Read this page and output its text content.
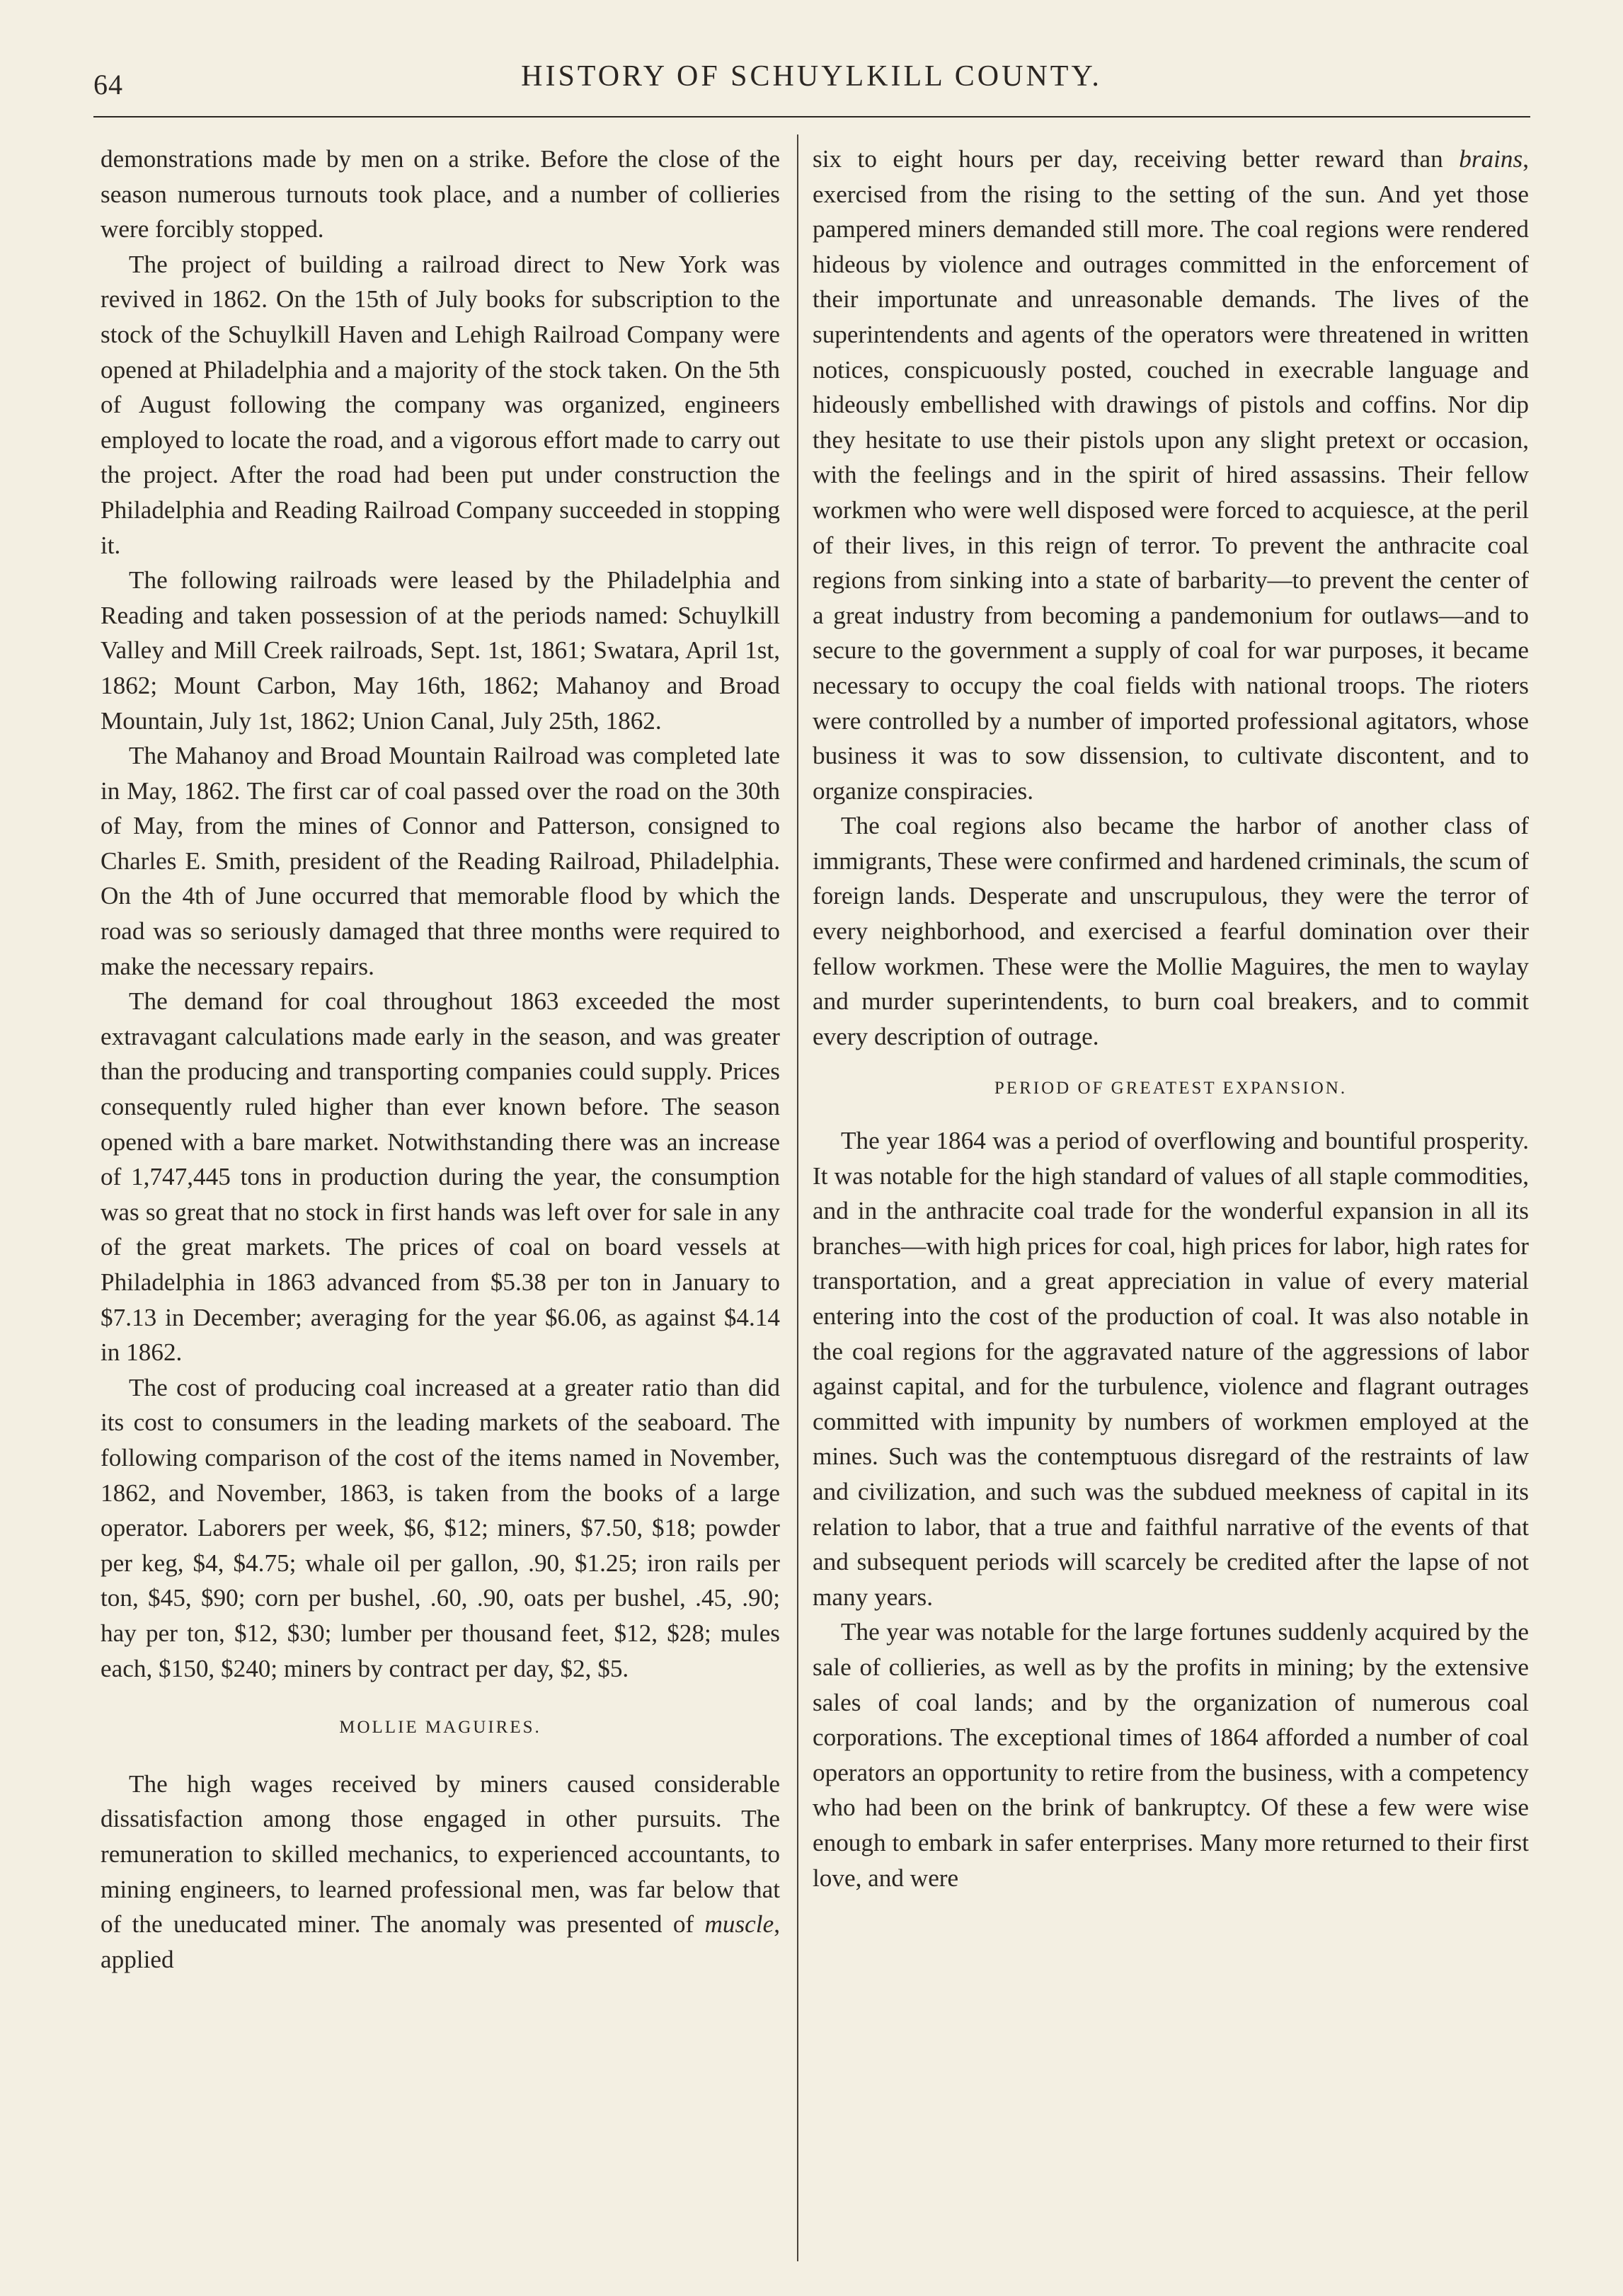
64	HISTORY OF SCHUYLKILL COUNTY.

demonstrations made by men on a strike. Before the close of the season numerous turnouts took place, and a number of collieries were forcibly stopped.

The project of building a railroad direct to New York was revived in 1862. On the 15th of July books for subscription to the stock of the Schuylkill Haven and Lehigh Railroad Company were opened at Philadelphia and a majority of the stock taken. On the 5th of August following the company was organized, engineers employed to locate the road, and a vigorous effort made to carry out the project. After the road had been put under construction the Philadelphia and Reading Railroad Company succeeded in stopping it.

The following railroads were leased by the Philadelphia and Reading and taken possession of at the periods named: Schuylkill Valley and Mill Creek railroads, Sept. 1st, 1861; Swatara, April 1st, 1862; Mount Carbon, May 16th, 1862; Mahanoy and Broad Mountain, July 1st, 1862; Union Canal, July 25th, 1862.

The Mahanoy and Broad Mountain Railroad was completed late in May, 1862. The first car of coal passed over the road on the 30th of May, from the mines of Connor and Patterson, consigned to Charles E. Smith, president of the Reading Railroad, Philadelphia. On the 4th of June occurred that memorable flood by which the road was so seriously damaged that three months were required to make the necessary repairs.

The demand for coal throughout 1863 exceeded the most extravagant calculations made early in the season, and was greater than the producing and transporting companies could supply. Prices consequently ruled higher than ever known before. The season opened with a bare market. Notwithstanding there was an increase of 1,747,445 tons in production during the year, the consumption was so great that no stock in first hands was left over for sale in any of the great markets. The prices of coal on board vessels at Philadelphia in 1863 advanced from $5.38 per ton in January to $7.13 in December; averaging for the year $6.06, as against $4.14 in 1862.

The cost of producing coal increased at a greater ratio than did its cost to consumers in the leading markets of the seaboard. The following comparison of the cost of the items named in November, 1862, and November, 1863, is taken from the books of a large operator. Laborers per week, $6, $12; miners, $7.50, $18; powder per keg, $4, $4.75; whale oil per gallon, .90, $1.25; iron rails per ton, $45, $90; corn per bushel, .60, .90, oats per bushel, .45, .90; hay per ton, $12, $30; lumber per thousand feet, $12, $28; mules each, $150, $240; miners by contract per day, $2, $5.

MOLLIE MAGUIRES.

The high wages received by miners caused considerable dissatisfaction among those engaged in other pursuits. The remuneration to skilled mechanics, to experienced accountants, to mining engineers, to learned professional men, was far below that of the uneducated miner. The anomaly was presented of muscle, applied

six to eight hours per day, receiving better reward than brains, exercised from the rising to the setting of the sun. And yet those pampered miners demanded still more. The coal regions were rendered hideous by violence and outrages committed in the enforcement of their importunate and unreasonable demands. The lives of the superintendents and agents of the operators were threatened in written notices, conspicuously posted, couched in execrable language and hideously embellished with drawings of pistols and coffins. Nor dip they hesitate to use their pistols upon any slight pretext or occasion, with the feelings and in the spirit of hired assassins. Their fellow workmen who were well disposed were forced to acquiesce, at the peril of their lives, in this reign of terror. To prevent the anthracite coal regions from sinking into a state of barbarity—to prevent the center of a great industry from becoming a pandemonium for outlaws—and to secure to the government a supply of coal for war purposes, it became necessary to occupy the coal fields with national troops. The rioters were controlled by a number of imported professional agitators, whose business it was to sow dissension, to cultivate discontent, and to organize conspiracies.

The coal regions also became the harbor of another class of immigrants, These were confirmed and hardened criminals, the scum of foreign lands. Desperate and unscrupulous, they were the terror of every neighborhood, and exercised a fearful domination over their fellow workmen. These were the Mollie Maguires, the men to waylay and murder superintendents, to burn coal breakers, and to commit every description of outrage.

PERIOD OF GREATEST EXPANSION.

The year 1864 was a period of overflowing and bountiful prosperity. It was notable for the high standard of values of all staple commodities, and in the anthracite coal trade for the wonderful expansion in all its branches—with high prices for coal, high prices for labor, high rates for transportation, and a great appreciation in value of every material entering into the cost of the production of coal. It was also notable in the coal regions for the aggravated nature of the aggressions of labor against capital, and for the turbulence, violence and flagrant outrages committed with impunity by numbers of workmen employed at the mines. Such was the contemptuous disregard of the restraints of law and civilization, and such was the subdued meekness of capital in its relation to labor, that a true and faithful narrative of the events of that and subsequent periods will scarcely be credited after the lapse of not many years.

The year was notable for the large fortunes suddenly acquired by the sale of collieries, as well as by the profits in mining; by the extensive sales of coal lands; and by the organization of numerous coal corporations. The exceptional times of 1864 afforded a number of coal operators an opportunity to retire from the business, with a competency who had been on the brink of bankruptcy. Of these a few were wise enough to embark in safer enterprises. Many more returned to their first love, and were
